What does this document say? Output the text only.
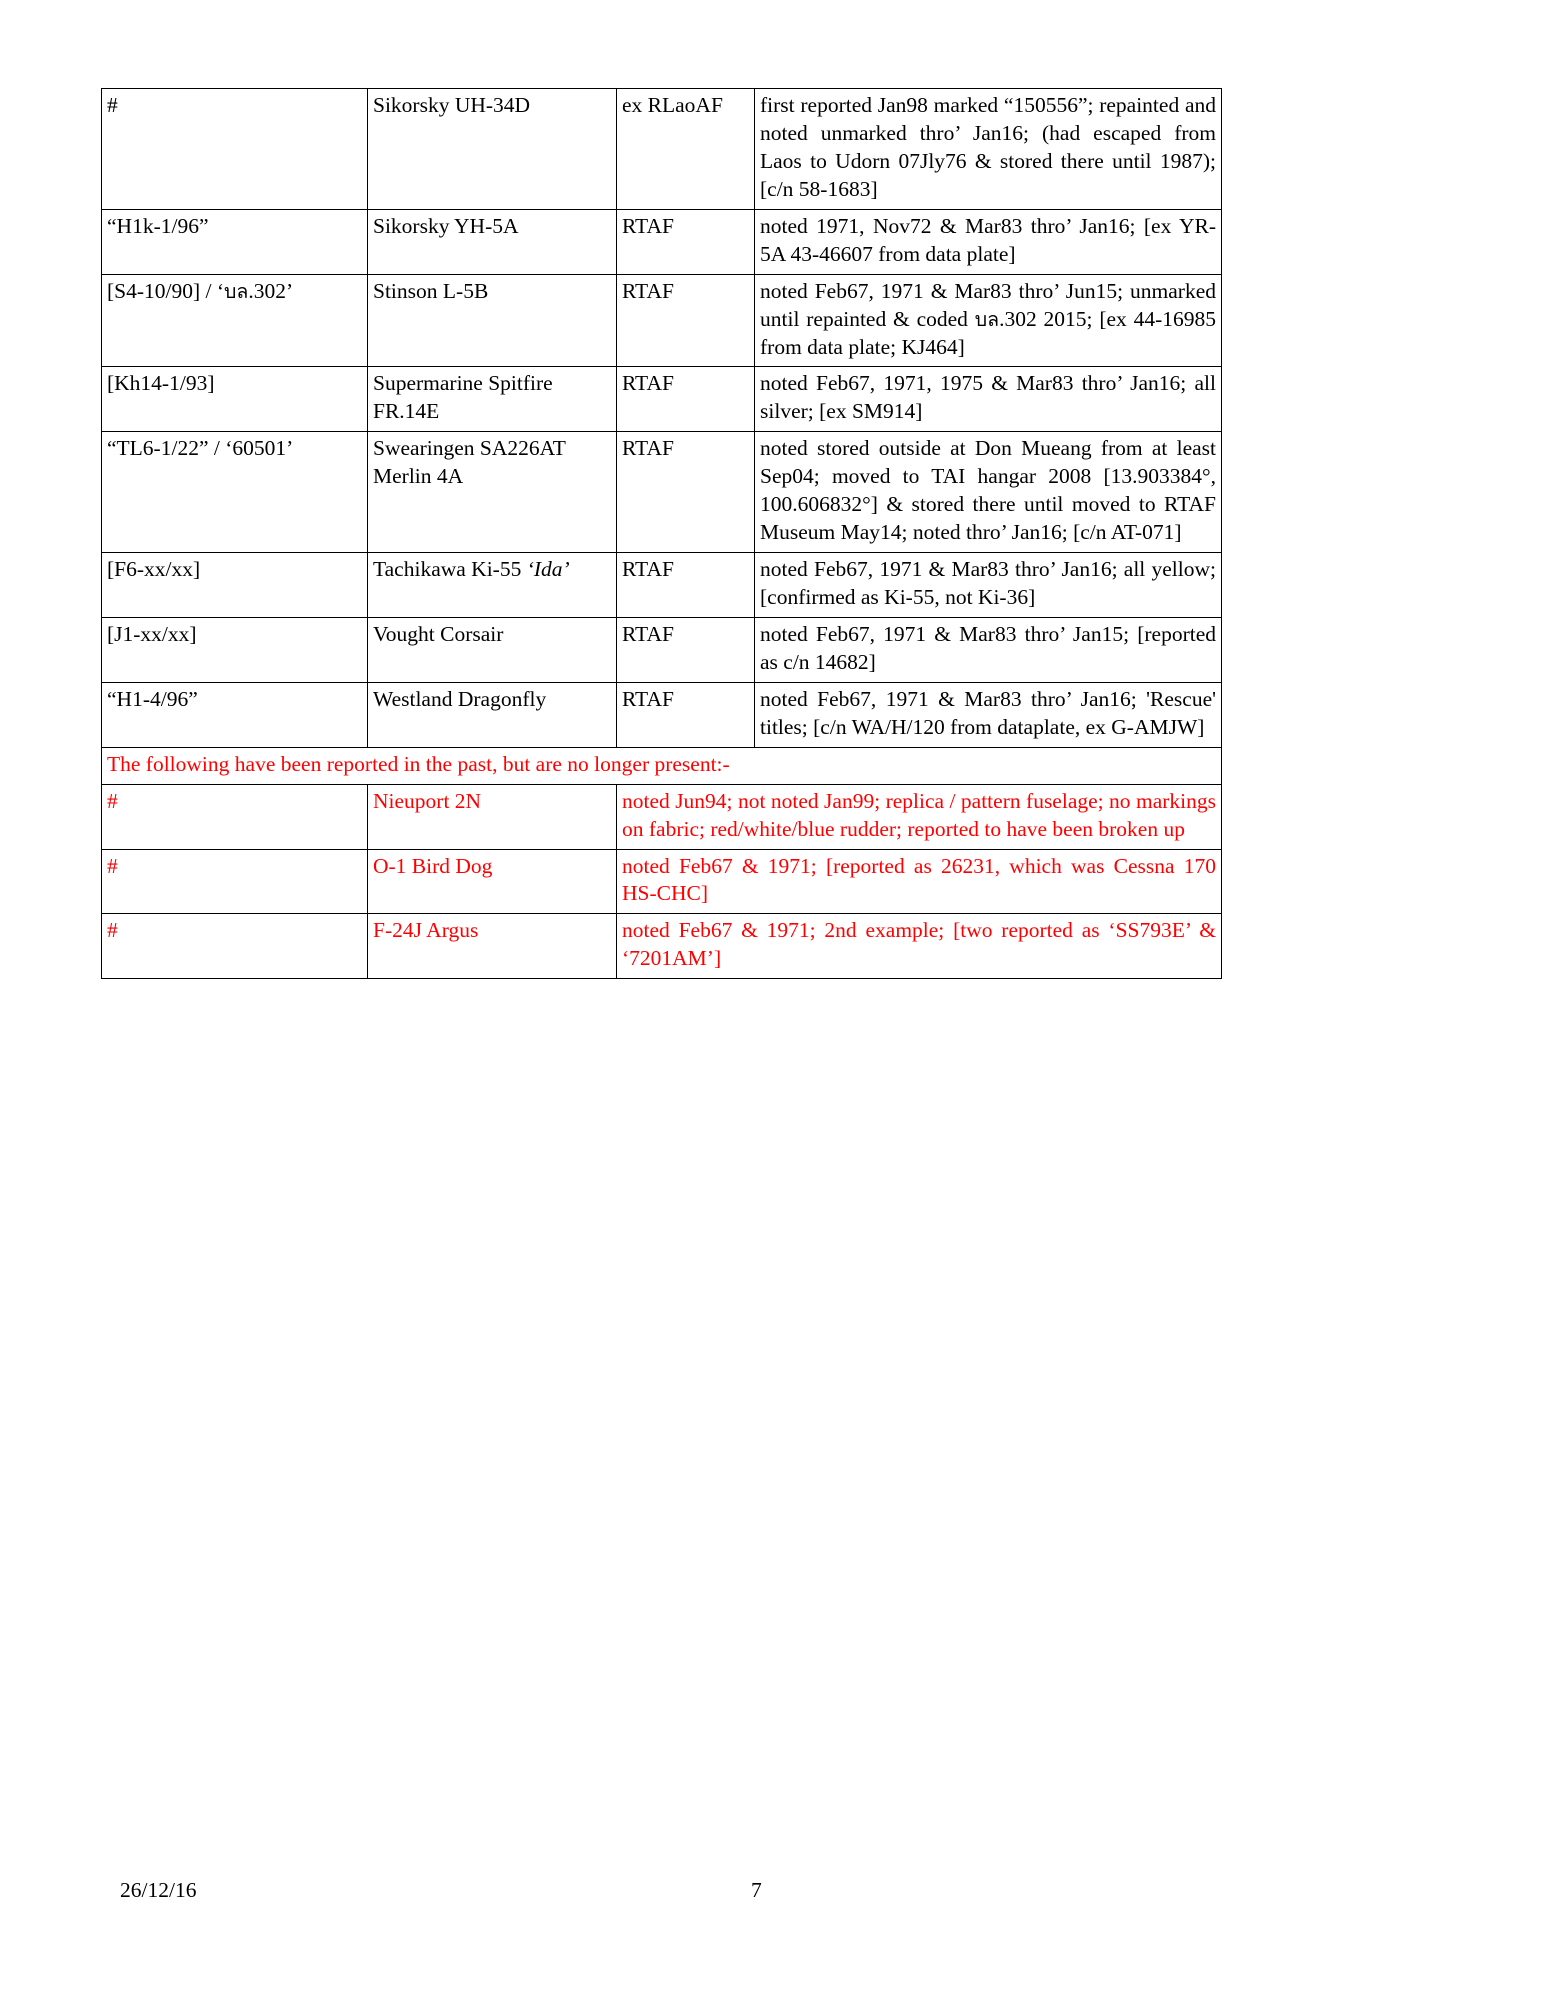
#	Sikorsky UH-34D	ex RLaoAF	first reported Jan98 marked “150556”; repainted and noted unmarked thro’ Jan16; (had escaped from Laos to Udorn 07Jly76 & stored there until 1987); [c/n 58-1683]
“H1k-1/96”	Sikorsky YH-5A	RTAF	noted 1971, Nov72 & Mar83 thro’ Jan16; [ex YR-5A 43-46607 from data plate]
[S4-10/90] / ‘บล.302’	Stinson L-5B	RTAF	noted Feb67, 1971 & Mar83 thro’ Jun15; unmarked until repainted & coded บล.302 2015; [ex 44-16985 from data plate; KJ464]
[Kh14-1/93]	Supermarine Spitfire FR.14E	RTAF	noted Feb67, 1971, 1975 & Mar83 thro’ Jan16; all silver; [ex SM914]
“TL6-1/22” / ‘60501’	Swearingen SA226AT Merlin 4A	RTAF	noted stored outside at Don Mueang from at least Sep04; moved to TAI hangar 2008 [13.903384°, 100.606832°] & stored there until moved to RTAF Museum May14; noted thro’ Jan16; [c/n AT-071]
[F6-xx/xx]	Tachikawa Ki-55 ‘Ida’	RTAF	noted Feb67, 1971 & Mar83 thro’ Jan16; all yellow; [confirmed as Ki-55, not Ki-36]
[J1-xx/xx]	Vought Corsair	RTAF	noted Feb67, 1971 & Mar83 thro’ Jan15; [reported as c/n 14682]
“H1-4/96”	Westland Dragonfly	RTAF	noted Feb67, 1971 & Mar83 thro’ Jan16; 'Rescue' titles; [c/n WA/H/120 from dataplate, ex G-AMJW]
The following have been reported in the past, but are no longer present:-			
#	Nieuport 2N	noted Jun94; not noted Jan99; replica / pattern fuselage; no markings on fabric; red/white/blue rudder; reported to have been broken up	
#	O-1 Bird Dog	noted Feb67 & 1971; [reported as 26231, which was Cessna 170 HS-CHC]	
#	F-24J Argus	noted Feb67 & 1971; 2nd example; [two reported as ‘SS793E’ & ‘7201AM’]	
26/12/16	7
